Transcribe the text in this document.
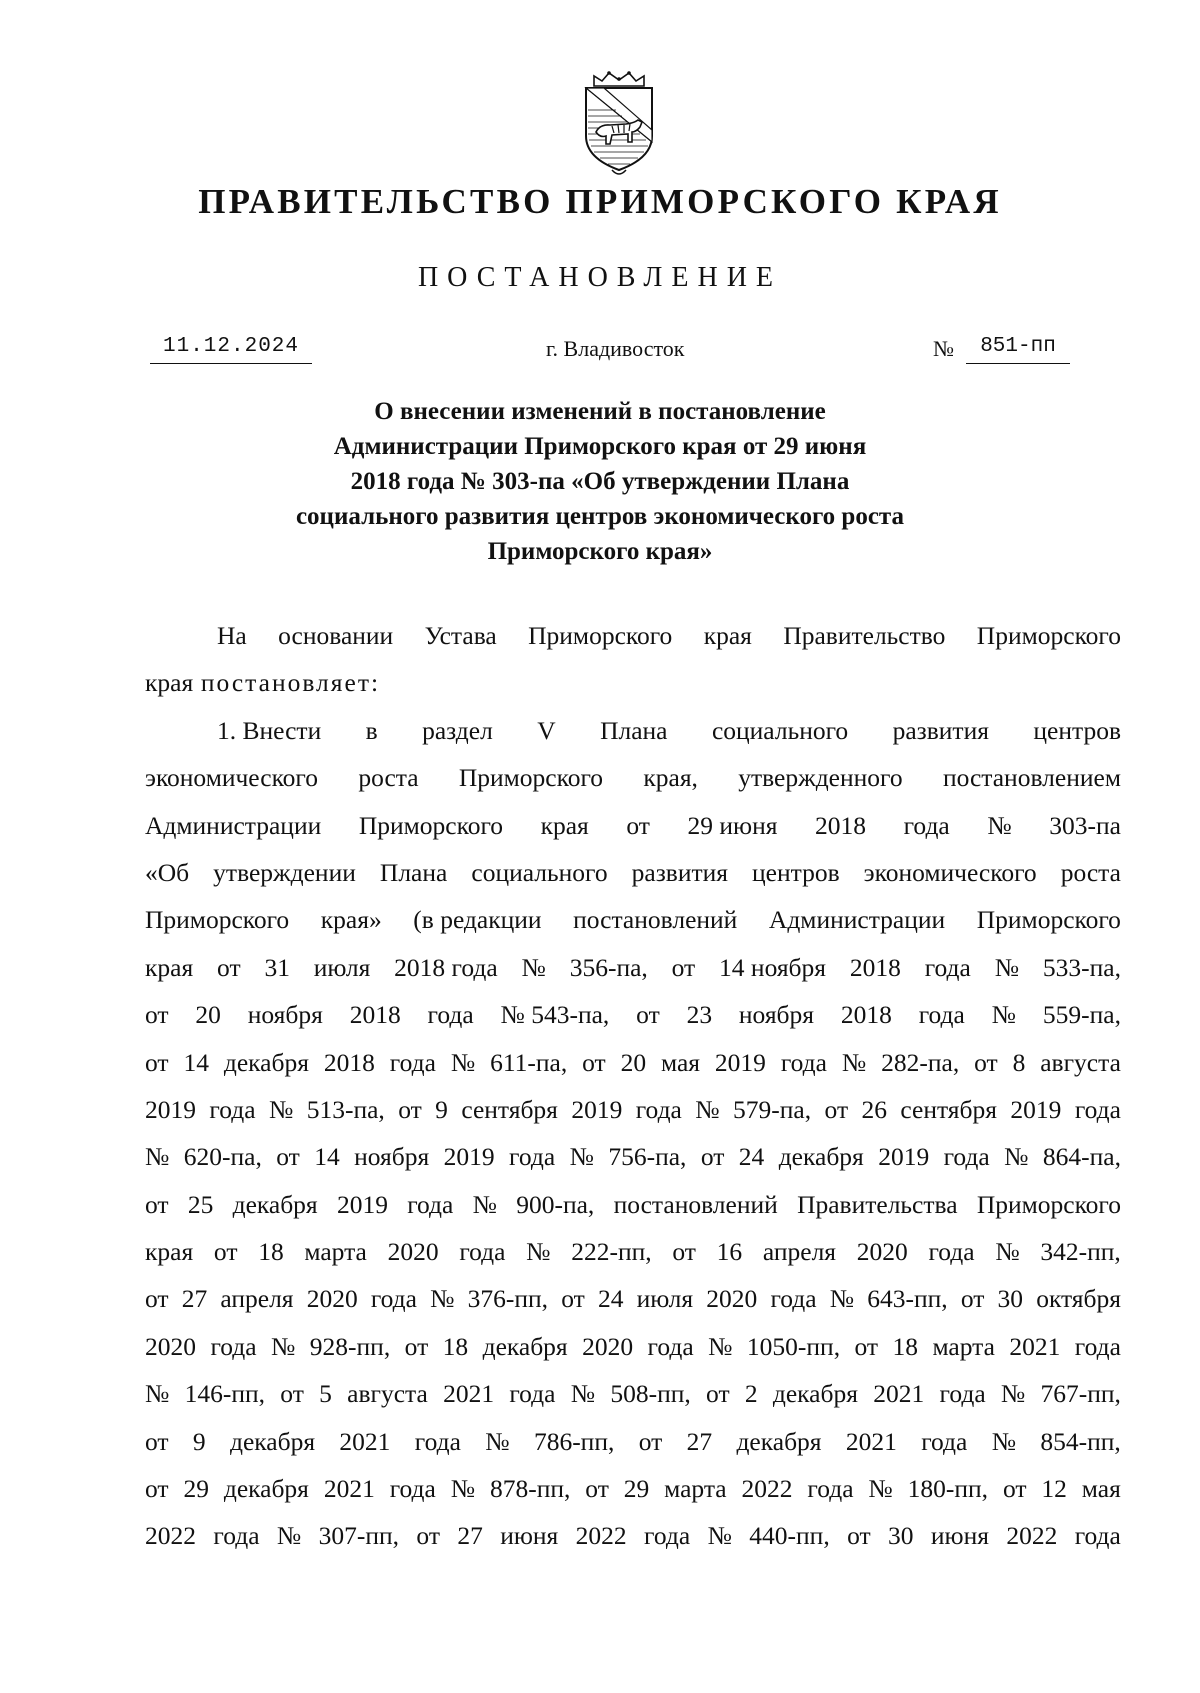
ПРАВИТЕЛЬСТВО ПРИМОРСКОГО КРАЯ
ПОСТАНОВЛЕНИЕ
11.12.2024	г. Владивосток	№	851-пп
О внесении изменений в постановление
Администрации Приморского края от 29 июня
2018 года № 303-па «Об утверждении Плана
социального развития центров экономического роста
Приморского края»
На основании Устава Приморского края Правительство Приморского
края постановляет:
1. Внести в раздел V Плана социального развития центров
экономического роста Приморского края, утвержденного постановлением
Администрации Приморского края от 29 июня 2018 года № 303-па
«Об утверждении Плана социального развития центров экономического роста
Приморского края» (в редакции постановлений Администрации Приморского
края от 31 июля 2018 года № 356-па, от 14 ноября 2018 года № 533-па,
от 20 ноября 2018 года № 543-па, от 23 ноября 2018 года № 559-па,
от 14 декабря 2018 года № 611-па, от 20 мая 2019 года № 282-па, от 8 августа
2019 года № 513-па, от 9 сентября 2019 года № 579-па, от 26 сентября 2019 года
№ 620-па, от 14 ноября 2019 года № 756-па, от 24 декабря 2019 года № 864-па,
от 25 декабря 2019 года № 900-па, постановлений Правительства Приморского
края от 18 марта 2020 года № 222-пп, от 16 апреля 2020 года № 342-пп,
от 27 апреля 2020 года № 376-пп, от 24 июля 2020 года № 643-пп, от 30 октября
2020 года № 928-пп, от 18 декабря 2020 года № 1050-пп, от 18 марта 2021 года
№ 146-пп, от 5 августа 2021 года № 508-пп, от 2 декабря 2021 года № 767-пп,
от 9 декабря 2021 года № 786-пп, от 27 декабря 2021 года № 854-пп,
от 29 декабря 2021 года № 878-пп, от 29 марта 2022 года № 180-пп, от 12 мая
2022 года № 307-пп, от 27 июня 2022 года № 440-пп, от 30 июня 2022 года
